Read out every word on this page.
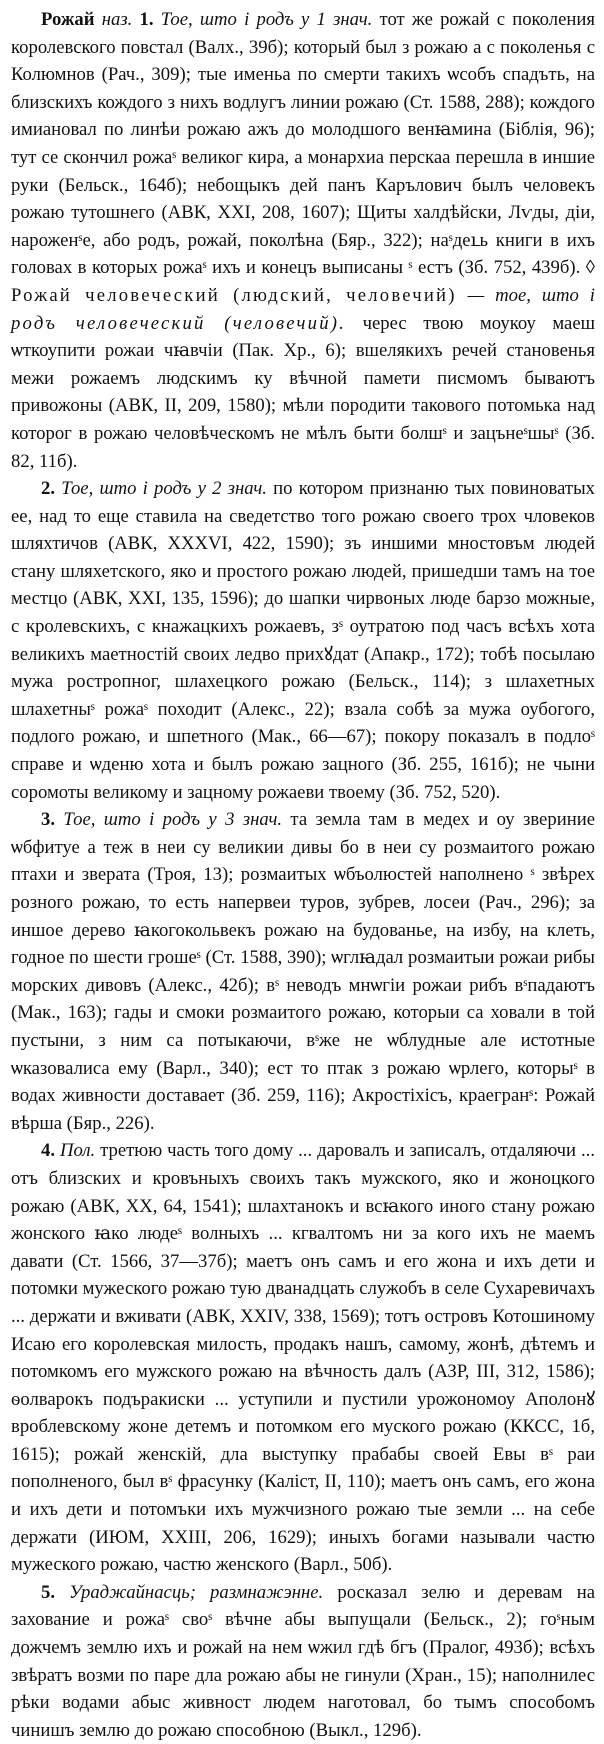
Рожай наз. 1. Тое, што і родъ у 1 знач. тот же рожай с поколения королевского повстал (Валх., 39б); который был з рожаю а с поколенья с Колюмнов (Рач., 309); тые именьа по смерти такихъ ѡсобъ спадъть, на близскихъ кождого з нихъ водлугъ линии рожаю (Ст. 1588, 288); кождого имиановал по линѣи рожаю ажъ до молодшого венꙗмина (Біблія, 96); тут се скончил рожаˢ великог кира, а монархиа перскаа перешла в иншие руки (Бельск., 164б); небощыкъ дей панъ Карълович былъ человекъ рожаю тутошнего (АВК, XXI, 208, 1607); Щиты халдѣйски, Лѵды, діи, нароженˢе, або родъ, рожай, поколѣна (Бяр., 322); наˢдеւь книги в ихъ головах в которых рожаˢ ихъ и конецъ выписаны ˢ естъ (Зб. 752, 439б). ◊ Рожай человеческий (людский, человечий) — тое, што і родъ человеческий (человечий). черес твою моукоу маеш ѡткоупити рожаи чꙗвчіи (Пак. Хр., 6); вшелякихъ речей становенья межи рожаемъ людскимъ ку вѣчной памети писмомъ бываютъ привожоны (АВК, II, 209, 1580); мѣли породити такового потомька над которог в рожаю человѣческомъ не мѣлъ быти болшˢ и зацънеˢшыˢ (Зб. 82, 11б).

2. Тое, што і родъ у 2 знач. по котором признаню тых повиноватых ее, над то еще ставила на сведетство того рожаю своего трох чловеков шляхтичов (АВК, XXXVI, 422, 1590); зъ иншими мностовъм людей стану шляхетского, яко и простого рожаю людей, пришедши тамъ на тое местцо (АВК, XXI, 135, 1596); до шапки чирвоных люде барзо можные, с кролевскихъ, с кнажацкихъ рожаевъ, зˢ оутратою под часъ всѣхъ хота великихъ маетностій своих ледво прихꙋдат (Апакр., 172); тобѣ посылаю мужа ростропног, шлахецкого рожаю (Бельск., 114); з шлахетных шлахетныˢ рожаˢ походит (Алекс., 22); взала собѣ за мужа оубогого, подлого рожаю, и шпетного (Мак., 66—67); покору показалъ в подлоˢ справе и ѡденю хота и былъ рожаю зацного (Зб. 255, 161б); не чыни соромоты великому и зацному рожаеви твоему (Зб. 752, 520).

3. Тое, што і родъ у 3 знач. та земла там в медех и оу звериние ѡбфитуе а теж в неи су великии дивы бо в неи су розмаитого рожаю птахи и зверата (Троя, 13); розмаитых ѡбъолюстей наполнено ˢ звѣрех розного рожаю, то есть напервеи туров, зубрев, лосеи (Рач., 296); за иншое дерево ꙗкогокольвекъ рожаю на будованье, на избу, на клеть, годное по шести грошеˢ (Ст. 1588, 390); ѡглꙗдал розмаитыи рожаи рибы морских дивовъ (Алекс., 42б); вˢ неводъ мнѡгіи рожаи рибъ вˢпадаютъ (Мак., 163); гады и смоки розмаитого рожаю, которыи са ховали в той пустыни, з ним са потыкаючи, вˢже не ѡблудные але истотные ѡказовалиса ему (Варл., 340); ест то птак з рожаю ѡрлего, которыˢ в водах живности доставает (Зб. 259, 116); Акростіхісъ, краегранˢ: Рожай вѣрша (Бяр., 226).

4. Пол. третюю часть того дому ... даровалъ и записалъ, отдаляючи ... отъ близских и кровъныхъ своихъ такъ мужского, яко и жоноцкого рожаю (АВК, XX, 64, 1541); шлахтанокъ и всꙗкого иного стану рожаю жонского ꙗко людеˢ волныхъ ... кгвалтомъ ни за кого ихъ не маемъ давати (Ст. 1566, 37—37б); маетъ онъ самъ и его жона и ихъ дети и потомки мужеского рожаю тую дванадцать служобъ в селе Сухаревичахъ ... держати и вживати (АВК, XXIV, 338, 1569); тотъ островъ Котошиному Исаю его королевская милость, продакъ нашъ, самому, жонѣ, дѣтемъ и потомкомъ его мужского рожаю на вѣчность далъ (АЗР, III, 312, 1586); ѳолварокъ подъракиски ... уступили и пустили урожономоу Аполонꙋ вроблевскому жоне детемъ и потомком его муского рожаю (ККСС, 1б, 1615); рожай женскій, дла выступку прабабы своей Евы вˢ раи пополненого, был вˢ фрасунку (Каліст, II, 110); маетъ онъ самъ, его жона и ихъ дети и потомъки ихъ мужчизного рожаю тые земли ... на себе держати (ИЮМ, XXIII, 206, 1629); иныхъ богами называли частю мужеского рожаю, частю женского (Варл., 50б).

5. Ураджайнасць; размнажэнне. росказал зелю и деревам на захование и рожаˢ своˢ вѣчне абы выпущали (Бельск., 2); гоˢным дожчемъ землю ихъ и рожай на нем ѡжил гдѣ бгъ (Пралог, 493б); всѣхъ звѣратъ возми по паре дла рожаю абы не гинули (Хран., 15); наполнилес рѣки водами абыс живност людем наготовал, бо тымъ способомъ чинишъ землю до рожаю способною (Выкл., 129б).
